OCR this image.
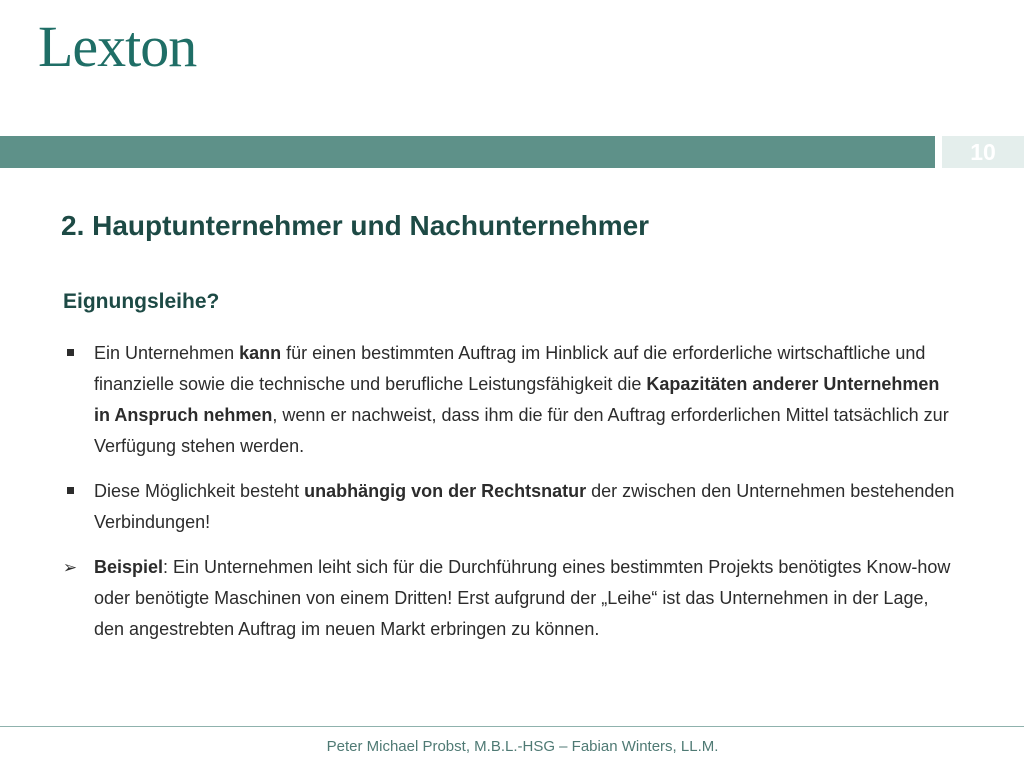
Lexton
10
2. Hauptunternehmer und Nachunternehmer
Eignungsleihe?
Ein Unternehmen kann für einen bestimmten Auftrag im Hinblick auf die erforderliche wirtschaftliche und finanzielle sowie die technische und berufliche Leistungsfähigkeit die Kapazitäten anderer Unternehmen in Anspruch nehmen, wenn er nachweist, dass ihm die für den Auftrag erforderlichen Mittel tatsächlich zur Verfügung stehen werden.
Diese Möglichkeit besteht unabhängig von der Rechtsnatur der zwischen den Unternehmen bestehenden Verbindungen!
➢ Beispiel: Ein Unternehmen leiht sich für die Durchführung eines bestimmten Projekts benötigtes Know-how oder benötigte Maschinen von einem Dritten! Erst aufgrund der „Leihe“ ist das Unternehmen in der Lage, den angestrebten Auftrag im neuen Markt erbringen zu können.
Peter Michael Probst, M.B.L.-HSG – Fabian Winters, LL.M.
